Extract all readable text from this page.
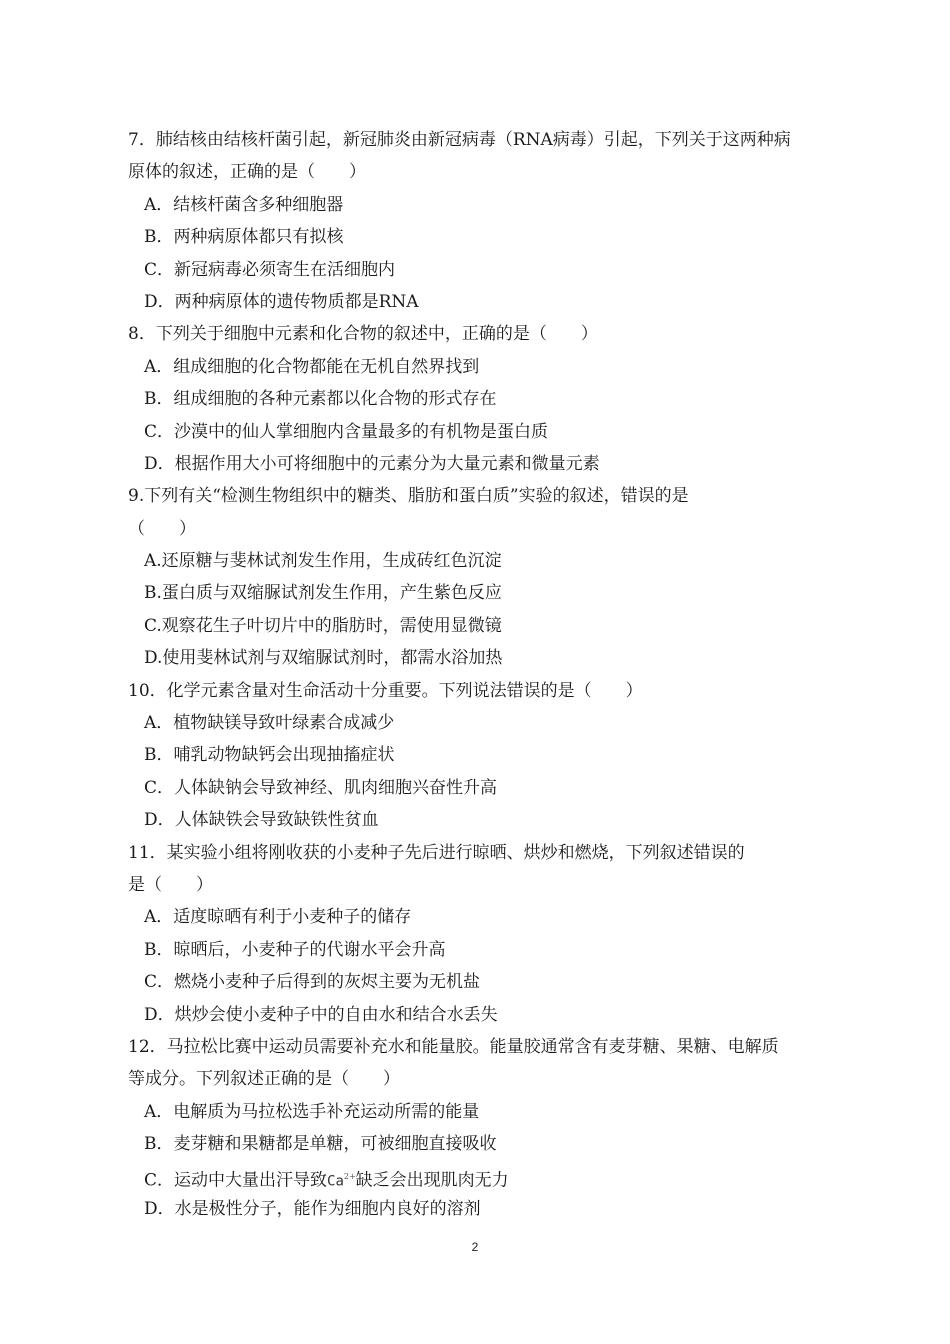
7．肺结核由结核杆菌引起，新冠肺炎由新冠病毒（RNA病毒）引起，下列关于这两种病
原体的叙述，正确的是（　　）
A．结核杆菌含多种细胞器
B．两种病原体都只有拟核
C．新冠病毒必须寄生在活细胞内
D．两种病原体的遗传物质都是RNA
8．下列关于细胞中元素和化合物的叙述中，正确的是（　　）
A．组成细胞的化合物都能在无机自然界找到
B．组成细胞的各种元素都以化合物的形式存在
C．沙漠中的仙人掌细胞内含量最多的有机物是蛋白质
D．根据作用大小可将细胞中的元素分为大量元素和微量元素
9.下列有关“检测生物组织中的糖类、脂肪和蛋白质”实验的叙述，错误的是
（　　）
A.还原糖与斐林试剂发生作用，生成砖红色沉淀
B.蛋白质与双缩脲试剂发生作用，产生紫色反应
C.观察花生子叶切片中的脂肪时，需使用显微镜
D.使用斐林试剂与双缩脲试剂时，都需水浴加热
10．化学元素含量对生命活动十分重要。下列说法错误的是（　　）
A．植物缺镁导致叶绿素合成减少
B．哺乳动物缺钙会出现抽搐症状
C．人体缺钠会导致神经、肌肉细胞兴奋性升高
D．人体缺铁会导致缺铁性贫血
11．某实验小组将刚收获的小麦种子先后进行晾晒、烘炒和燃烧，下列叙述错误的
是（　　）
A．适度晾晒有利于小麦种子的储存
B．晾晒后，小麦种子的代谢水平会升高
C．燃烧小麦种子后得到的灰烬主要为无机盐
D．烘炒会使小麦种子中的自由水和结合水丢失
12．马拉松比赛中运动员需要补充水和能量胶。能量胶通常含有麦芽糖、果糖、电解质
等成分。下列叙述正确的是（　　）
A．电解质为马拉松选手补充运动所需的能量
B．麦芽糖和果糖都是单糖，可被细胞直接吸收
C．运动中大量出汗导致$Ca^{2+}$缺乏会出现肌肉无力
D．水是极性分子，能作为细胞内良好的溶剂
2
